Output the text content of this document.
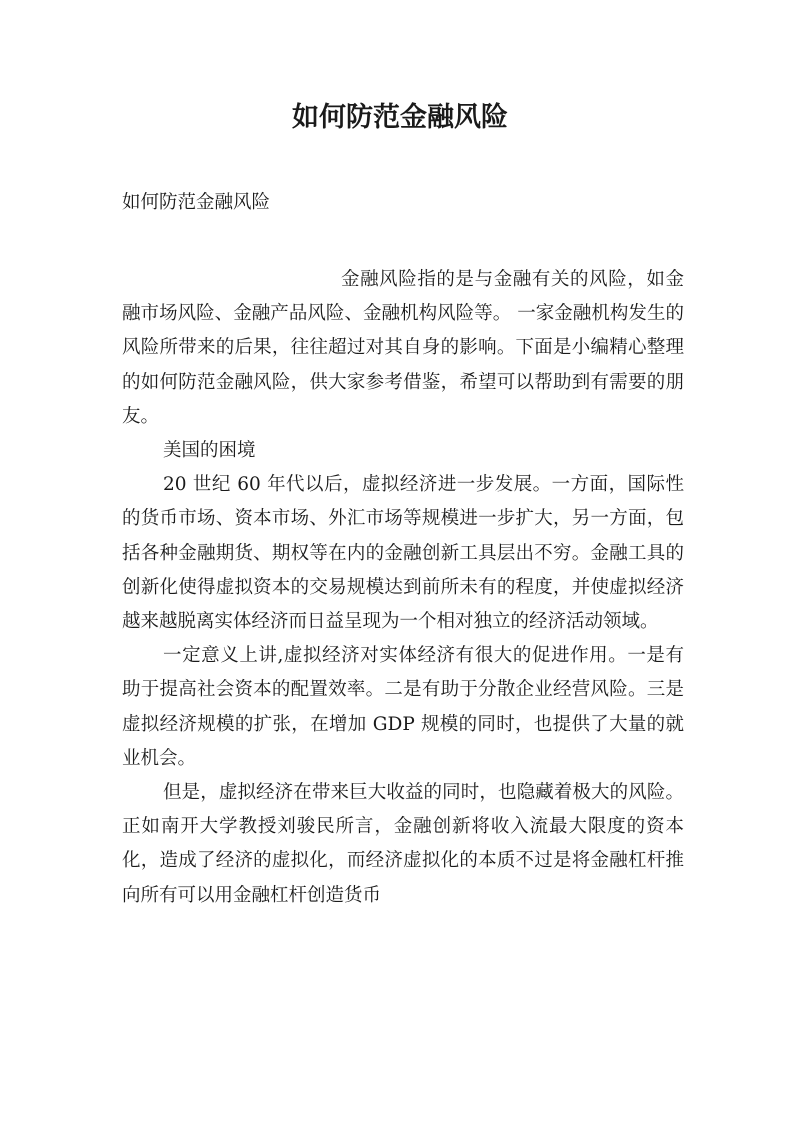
如何防范金融风险

如何防范金融风险

金融风险指的是与金融有关的风险，如金融市场风险、金融产品风险、金融机构风险等。 一家金融机构发生的风险所带来的后果，往往超过对其自身的影响。下面是小编精心整理的如何防范金融风险，供大家参考借鉴，希望可以帮助到有需要的朋友。

美国的困境

20 世纪 60 年代以后，虚拟经济进一步发展。一方面，国际性的货币市场、资本市场、外汇市场等规模进一步扩大，另一方面，包括各种金融期货、期权等在内的金融创新工具层出不穷。金融工具的创新化使得虚拟资本的交易规模达到前所未有的程度，并使虚拟经济越来越脱离实体经济而日益呈现为一个相对独立的经济活动领域。

一定意义上讲,虚拟经济对实体经济有很大的促进作用。一是有助于提高社会资本的配置效率。二是有助于分散企业经营风险。三是虚拟经济规模的扩张，在增加 GDP 规模的同时，也提供了大量的就业机会。

但是，虚拟经济在带来巨大收益的同时，也隐藏着极大的风险。正如南开大学教授刘骏民所言，金融创新将收入流最大限度的资本化，造成了经济的虚拟化，而经济虚拟化的本质不过是将金融杠杆推向所有可以用金融杠杆创造货币
